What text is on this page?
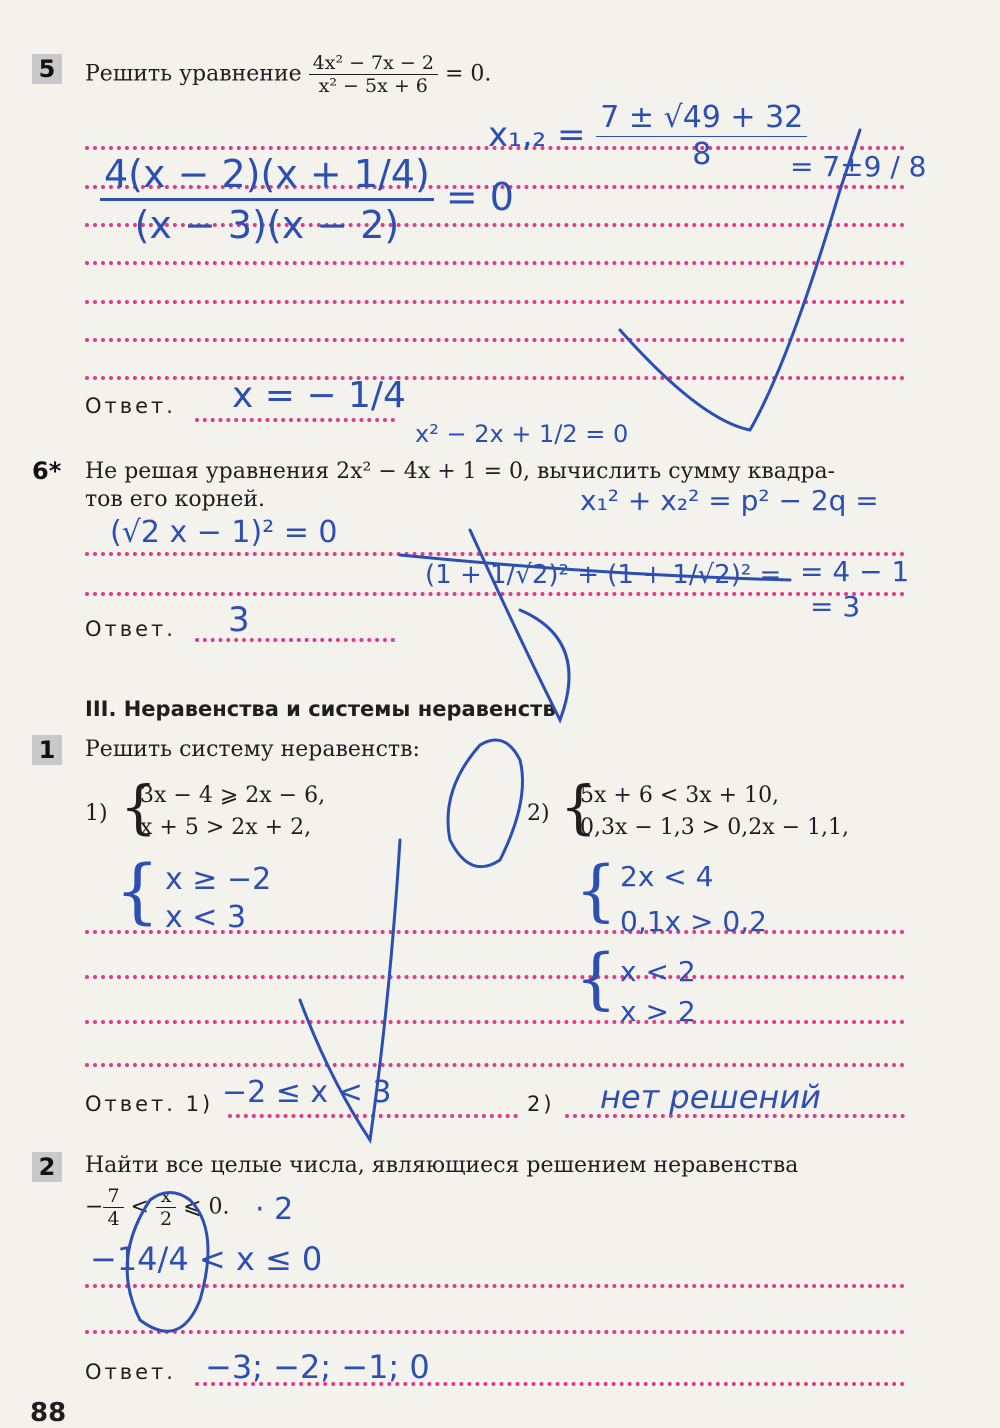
5	Решить уравнение $\frac{\text{4x² − 7x − 2}}{\text{x² − 5x + 6}} = 0$.
Ответ.
$x_1,_2 = \frac{7 \pm √49 + 32}{8}$
= 7±9 / 8
$\frac{4(x - 2)(x + 1/4)}{(x - 3)(x - 2)} = 0$
x = − 1/4
x² − 2x + 1/2 = 0
6* Не решая уравнения 2x² − 4x + 1 = 0, вычислить сумму квадра-
тов его корней.
Ответ.
x₁² + x₂² = p² − 2q =
(√2 x − 1)² = 0
(1 + 1/√2)² + (1 + 1/√2)² = = 4 − 1
= 3
3
III. Неравенства и системы неравенств
1	Решить систему неравенств:
1) {
3x − 4 ⩾ 2x − 6,
x + 5 > 2x + 2,
2) {
5x + 6 < 3x + 10,
0,3x − 1,3 > 0,2x − 1,1,
{ x ≥ −2
x < 3	{ 2x < 4
0,1x > 0,2
{ x < 2
x > 2
Ответ. 1)	2)
−2 ≤ x < 3	нет решений
2	Найти все целые числа, являющиеся решением неравенства
− $\frac{7}{4} < \frac{x}{2}$ ⩽ 0. · 2
−14/4 < x ≤ 0
Ответ. −3; −2; −1; 0
88
